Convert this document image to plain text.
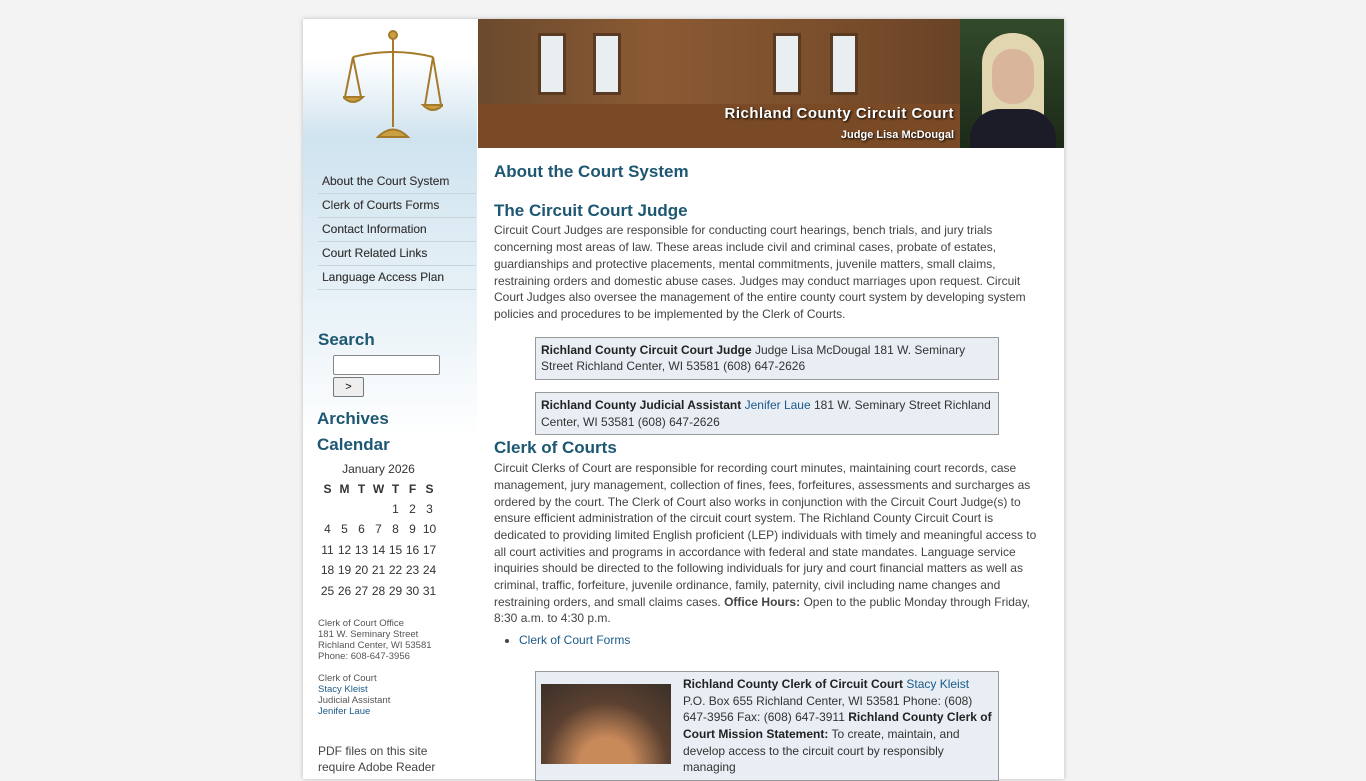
About the Court System
Clerk of Courts Forms
Contact Information
Court Related Links
Language Access Plan
Search
>
Archives
Calendar
January 2026						
S	M	T	W	T	F	S
				1	2	3
4	5	6	7	8	9	10
11	12	13	14	15	16	17
18	19	20	21	22	23	24
25	26	27	28	29	30	31
Clerk of Court Office
181 W. Seminary Street
Richland Center, WI 53581
Phone: 608-647-3956
Clerk of Court
Stacy Kleist
Judicial Assistant
Jenifer Laue
PDF files on this site require Adobe Reader
Richland County Circuit Court
Judge Lisa McDougal
About the Court System
The Circuit Court Judge

Circuit Court Judges are responsible for conducting court hearings, bench trials, and jury trials concerning most areas of law. These areas include civil and criminal cases, probate of estates, guardianships and protective placements, mental commitments, juvenile matters, small claims, restraining orders and domestic abuse cases. Judges may conduct marriages upon request. Circuit Court Judges also oversee the management of the entire county court system by developing system policies and procedures to be implemented by the Clerk of Courts.

Richland County Circuit Court Judge Judge Lisa McDougal 181 W. Seminary Street Richland Center, WI 53581 (608) 647-2626
Richland County Judicial Assistant Jenifer Laue 181 W. Seminary Street Richland Center, WI 53581 (608) 647-2626
Clerk of Courts

Circuit Clerks of Court are responsible for recording court minutes, maintaining court records, case management, jury management, collection of fines, fees, forfeitures, assessments and surcharges as ordered by the court. The Clerk of Court also works in conjunction with the Circuit Court Judge(s) to ensure efficient administration of the circuit court system. The Richland County Circuit Court is dedicated to providing limited English proficient (LEP) individuals with timely and meaningful access to all court activities and programs in accordance with federal and state mandates. Language service inquiries should be directed to the following individuals for jury and court financial matters as well as criminal, traffic, forfeiture, juvenile ordinance, family, paternity, civil including name changes and restraining orders, and small claims cases. Office Hours: Open to the public Monday through Friday, 8:30 a.m. to 4:30 p.m.

• Clerk of Court Forms
Richland County Clerk of Circuit Court Stacy Kleist P.O. Box 655 Richland Center, WI 53581 Phone: (608) 647-3956 Fax: (608) 647-3911 Richland County Clerk of Court Mission Statement: To create, maintain, and develop access to the circuit court by responsibly managing
